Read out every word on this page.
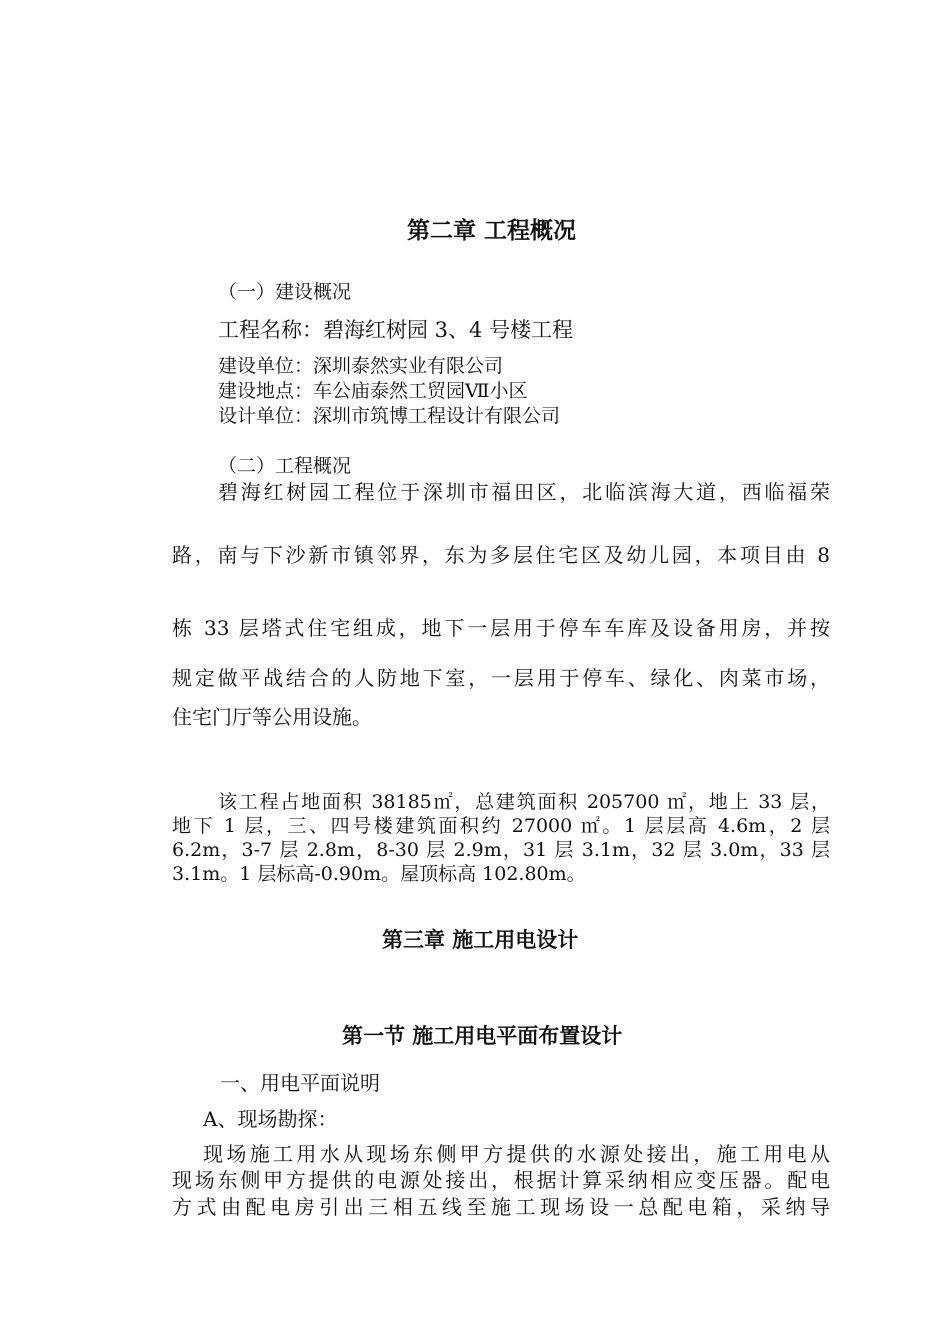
第二章 工程概况
（一）建设概况
工程名称：碧海红树园 3、4 号楼工程
建设单位：深圳泰然实业有限公司
建设地点：车公庙泰然工贸园Ⅶ小区
设计单位：深圳市筑博工程设计有限公司
（二）工程概况
碧海红树园工程位于深圳市福田区，北临滨海大道，西临福荣
路，南与下沙新市镇邻界，东为多层住宅区及幼儿园，本项目由 8
栋 33 层塔式住宅组成，地下一层用于停车车库及设备用房，并按
规定做平战结合的人防地下室，一层用于停车、绿化、肉菜市场，
住宅门厅等公用设施。
该工程占地面积 38185㎡，总建筑面积 205700 ㎡，地上 33 层，
地下 1 层，三、四号楼建筑面积约 27000 ㎡。1 层层高 4.6m，2 层
6.2m，3-7 层 2.8m，8-30 层 2.9m，31 层 3.1m，32 层 3.0m，33 层
3.1m。1 层标高-0.90m。屋顶标高 102.80m。
第三章 施工用电设计
第一节 施工用电平面布置设计
一、用电平面说明
A、现场勘探：
现场施工用水从现场东侧甲方提供的水源处接出，施工用电从
现场东侧甲方提供的电源处接出，根据计算采纳相应变压器。配电
方式由配电房引出三相五线至施工现场设一总配电箱，采纳导
